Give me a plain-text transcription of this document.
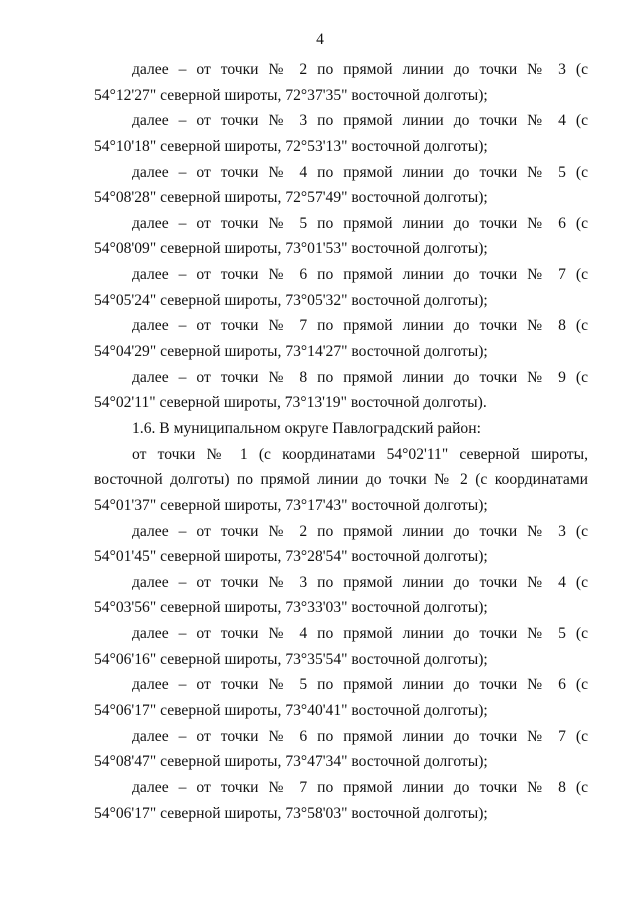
4
далее – от точки № 2 по прямой линии до точки № 3 (с
54°12'27" северной широты, 72°37'35" восточной долготы);
далее – от точки № 3 по прямой линии до точки № 4 (с
54°10'18" северной широты, 72°53'13" восточной долготы);
далее – от точки № 4 по прямой линии до точки № 5 (с
54°08'28" северной широты, 72°57'49" восточной долготы);
далее – от точки № 5 по прямой линии до точки № 6 (с
54°08'09" северной широты, 73°01'53" восточной долготы);
далее – от точки № 6 по прямой линии до точки № 7 (с
54°05'24" северной широты, 73°05'32" восточной долготы);
далее – от точки № 7 по прямой линии до точки № 8 (с
54°04'29" северной широты, 73°14'27" восточной долготы);
далее – от точки № 8 по прямой линии до точки № 9 (с
54°02'11" северной широты, 73°13'19" восточной долготы).
1.6. В муниципальном округе Павлоградский район:
от точки № 1 (с координатами 54°02'11" северной широты,
восточной долготы) по прямой линии до точки № 2 (с координатами
54°01'37" северной широты, 73°17'43" восточной долготы);
далее – от точки № 2 по прямой линии до точки № 3 (с
54°01'45" северной широты, 73°28'54" восточной долготы);
далее – от точки № 3 по прямой линии до точки № 4 (с
54°03'56" северной широты, 73°33'03" восточной долготы);
далее – от точки № 4 по прямой линии до точки № 5 (с
54°06'16" северной широты, 73°35'54" восточной долготы);
далее – от точки № 5 по прямой линии до точки № 6 (с
54°06'17" северной широты, 73°40'41" восточной долготы);
далее – от точки № 6 по прямой линии до точки № 7 (с
54°08'47" северной широты, 73°47'34" восточной долготы);
далее – от точки № 7 по прямой линии до точки № 8 (с
54°06'17" северной широты, 73°58'03" восточной долготы);
